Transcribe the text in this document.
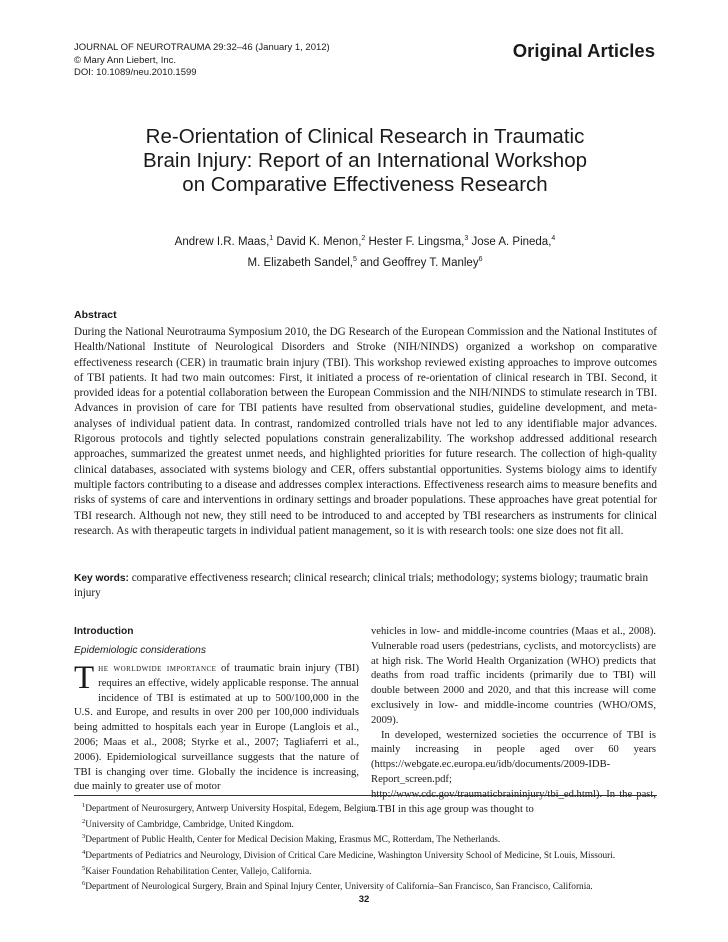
JOURNAL OF NEUROTRAUMA 29:32–46 (January 1, 2012)
© Mary Ann Liebert, Inc.
DOI: 10.1089/neu.2010.1599
Original Articles
Re-Orientation of Clinical Research in Traumatic
Brain Injury: Report of an International Workshop
on Comparative Effectiveness Research
Andrew I.R. Maas,$^1$ David K. Menon,$^2$ Hester F. Lingsma,$^3$ Jose A. Pineda,$^4$
M. Elizabeth Sandel,$^5$ and Geoffrey T. Manley$^6$
Abstract
During the National Neurotrauma Symposium 2010, the DG Research of the European Commission and the National Institutes of Health/National Institute of Neurological Disorders and Stroke (NIH/NINDS) organized a workshop on comparative effectiveness research (CER) in traumatic brain injury (TBI). This workshop reviewed existing approaches to improve outcomes of TBI patients. It had two main outcomes: First, it initiated a process of re-orientation of clinical research in TBI. Second, it provided ideas for a potential collaboration between the European Commission and the NIH/NINDS to stimulate research in TBI. Advances in provision of care for TBI patients have resulted from observational studies, guideline development, and meta-analyses of individual patient data. In contrast, randomized controlled trials have not led to any identifiable major advances. Rigorous protocols and tightly selected populations constrain generalizability. The workshop addressed additional research approaches, summarized the greatest unmet needs, and highlighted priorities for future research. The collection of high-quality clinical databases, associated with systems biology and CER, offers substantial opportunities. Systems biology aims to identify multiple factors contributing to a disease and addresses complex interactions. Effectiveness research aims to measure benefits and risks of systems of care and interventions in ordinary settings and broader populations. These approaches have great potential for TBI research. Although not new, they still need to be introduced to and accepted by TBI researchers as instruments for clinical research. As with therapeutic targets in individual patient management, so it is with research tools: one size does not fit all.
Key words: comparative effectiveness research; clinical research; clinical trials; methodology; systems biology; traumatic brain injury
Introduction
Epidemiologic considerations
T he worldwide importance of traumatic brain injury (TBI) requires an effective, widely applicable response. The annual incidence of TBI is estimated at up to 500/100,000 in the U.S. and Europe, and results in over 200 per 100,000 individuals being admitted to hospitals each year in Europe (Langlois et al., 2006; Maas et al., 2008; Styrke et al., 2007; Tagliaferri et al., 2006). Epidemiological surveillance suggests that the nature of TBI is changing over time. Globally the incidence is increasing, due mainly to greater use of motor

vehicles in low- and middle-income countries (Maas et al., 2008). Vulnerable road users (pedestrians, cyclists, and motorcyclists) are at high risk. The World Health Organization (WHO) predicts that deaths from road traffic incidents (primarily due to TBI) will double between 2000 and 2020, and that this increase will come exclusively in low- and middle-income countries (WHO/OMS, 2009).

In developed, westernized societies the occurrence of TBI is mainly increasing in people aged over 60 years (https://webgate.ec.europa.eu/idb/documents/2009-IDB-Report_screen.pdf; http://www.cdc.gov/traumaticbraininjury/tbi_ed.html). In the past, a TBI in this age group was thought to

$^1$Department of Neurosurgery, Antwerp University Hospital, Edegem, Belgium.
$^2$University of Cambridge, Cambridge, United Kingdom.
$^3$Department of Public Health, Center for Medical Decision Making, Erasmus MC, Rotterdam, The Netherlands.
$^4$Departments of Pediatrics and Neurology, Division of Critical Care Medicine, Washington University School of Medicine, St Louis, Missouri.
$^5$Kaiser Foundation Rehabilitation Center, Vallejo, California.
$^6$Department of Neurological Surgery, Brain and Spinal Injury Center, University of California–San Francisco, San Francisco, California.
32
